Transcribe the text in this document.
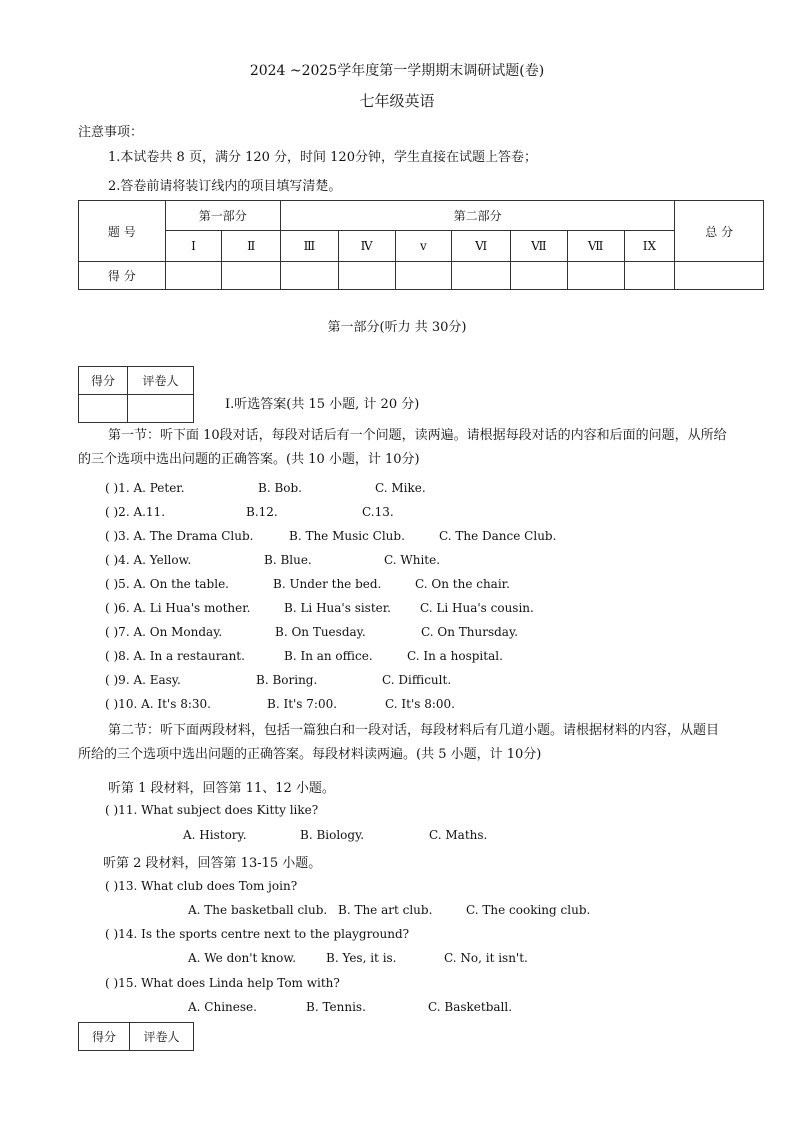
2024 ~2025学年度第一学期期末调研试题(卷)
七年级英语
注意事项：
1.本试卷共 8 页，满分 120 分，时间 120分钟，学生直接在试题上答卷；
2.答卷前请将装订线内的项目填写清楚。
题 号	第一部分		第二部分							总 分
	I	Ⅱ	Ⅲ	Ⅳ	v	Ⅵ	Ⅶ	Ⅶ	IX	
得 分										
第一部分(听力 共 30分)
得分	评卷人

Ⅰ.听选答案(共 15 小题, 计 20 分)
第一节：听下面 10段对话，每段对话后有一个问题，读两遍。请根据每段对话的内容和后面的问题，从所给的三个选项中选出问题的正确答案。(共 10 小题，计 10分)
( )1. A. Peter.	B. Bob.	C. Mike.
( )2. A.11.	B.12.	C.13.
( )3. A. The Drama Club.	B. The Music Club.	C. The Dance Club.
( )4. A. Yellow.	B. Blue.	C. White.
( )5. A. On the table.	B. Under the bed.	C. On the chair.
( )6. A. Li Hua's mother.	B. Li Hua's sister. C. Li Hua's cousin.
( )7. A. On Monday.	B. On Tuesday.	C. On Thursday.
( )8. A. In a restaurant.	B. In an office.	C. In a hospital.
( )9. A. Easy.	B. Boring.	C. Difficult.
( )10. A. It's 8:30.	B. It's 7:00.	C. It's 8:00.
第二节：听下面两段材料，包括一篇独白和一段对话，每段材料后有几道小题。请根据材料的内容，从题目所给的三个选项中选出问题的正确答案。每段材料读两遍。(共 5 小题，计 10分)
听第 1 段材料，回答第 11、12 小题。
( )11. What subject does Kitty like?
A. History.	B. Biology.	C. Maths.
听第 2 段材料，回答第 13-15 小题。
( )13. What club does Tom join?
A. The basketball club. B. The art club.	C. The cooking club.
( )14. Is the sports centre next to the playground?
A. We don't know. B. Yes, it is.	C. No, it isn't.
( )15. What does Linda help Tom with?
A. Chinese.	B. Tennis.	C. Basketball.
得分	评卷人
